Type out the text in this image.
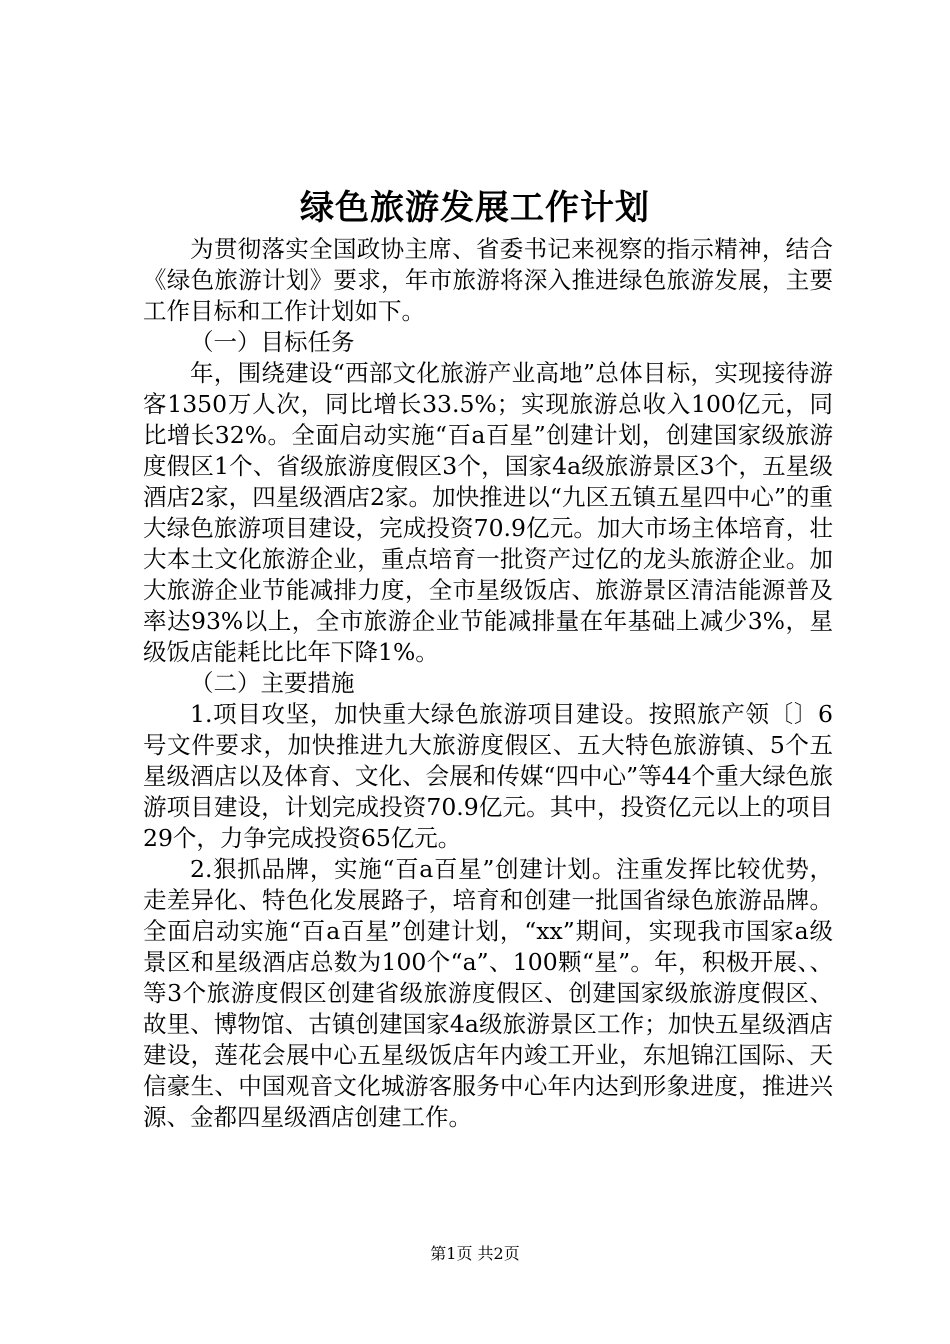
绿色旅游发展工作计划

为贯彻落实全国政协主席、省委书记来视察的指示精神，结合《绿色旅游计划》要求，年市旅游将深入推进绿色旅游发展，主要工作目标和工作计划如下。

（一）目标任务

年，围绕建设“西部文化旅游产业高地”总体目标，实现接待游客1350万人次，同比增长33.5%；实现旅游总收入100亿元，同比增长32%。全面启动实施“百a百星”创建计划，创建国家级旅游度假区1个、省级旅游度假区3个，国家4a级旅游景区3个，五星级酒店2家，四星级酒店2家。加快推进以“九区五镇五星四中心”的重大绿色旅游项目建设，完成投资70.9亿元。加大市场主体培育，壮大本土文化旅游企业，重点培育一批资产过亿的龙头旅游企业。加大旅游企业节能减排力度，全市星级饭店、旅游景区清洁能源普及率达93%以上，全市旅游企业节能减排量在年基础上减少3%，星级饭店能耗比比年下降1%。

（二）主要措施

1.项目攻坚，加快重大绿色旅游项目建设。按照旅产领〔〕6号文件要求，加快推进九大旅游度假区、五大特色旅游镇、5个五星级酒店以及体育、文化、会展和传媒“四中心”等44个重大绿色旅游项目建设，计划完成投资70.9亿元。其中，投资亿元以上的项目29个，力争完成投资65亿元。

2.狠抓品牌，实施“百a百星”创建计划。注重发挥比较优势，走差异化、特色化发展路子，培育和创建一批国省绿色旅游品牌。全面启动实施“百a百星”创建计划，“xx”期间，实现我市国家a级景区和星级酒店总数为100个“a”、100颗“星”。年，积极开展、、等3个旅游度假区创建省级旅游度假区、创建国家级旅游度假区、故里、博物馆、古镇创建国家4a级旅游景区工作；加快五星级酒店建设，莲花会展中心五星级饭店年内竣工开业，东旭锦江国际、天信豪生、中国观音文化城游客服务中心年内达到形象进度，推进兴源、金都四星级酒店创建工作。

第1页 共2页
